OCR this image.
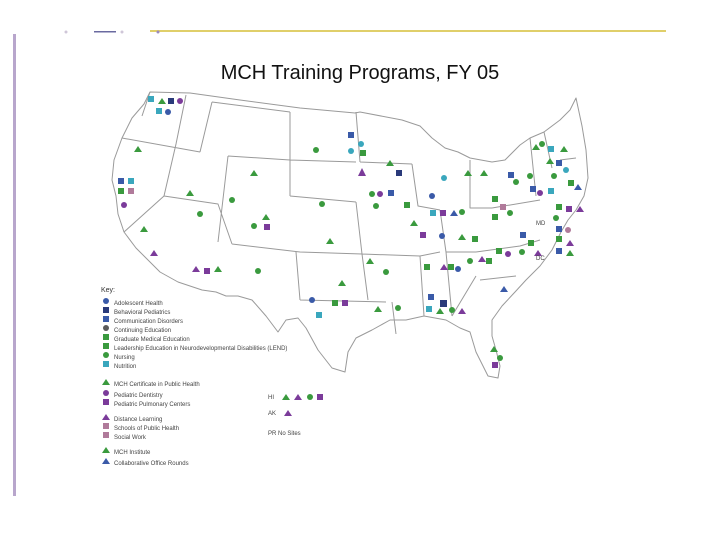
MCH Training Programs, FY 05
MD
DC
Key:
Adolescent Health
Behavioral Pediatrics
Communication Disorders
Continuing Education
Graduate Medical Education
Leadership Education in Neurodevelopmental Disabilities (LEND)
Nursing
Nutrition
MCH Certificate in Public Health
Pediatric Dentistry
Pediatric Pulmonary Centers
Distance Learning
Schools of Public Health
Social Work
MCH Institute
Collaborative Office Rounds
HI
AK
PR No Sites
